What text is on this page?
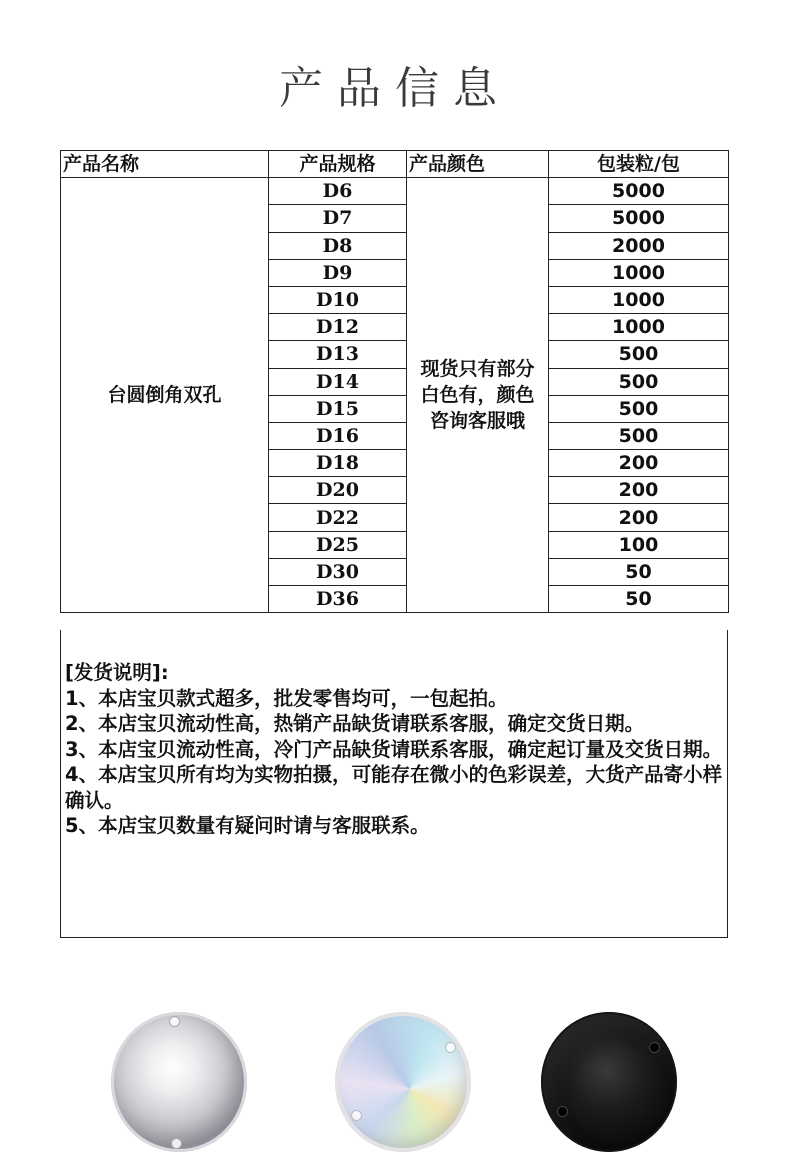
产品信息
产品名称	产品规格	产品颜色	包装粒/包
台圆倒角双孔	D6	现货只有部分白色有，颜色咨询客服哦	5000
	D7		5000
	D8		2000
	D9		1000
	D10		1000
	D12		1000
	D13		500
	D14		500
	D15		500
	D16		500
	D18		200
	D20		200
	D22		200
	D25		100
	D30		50
	D36		50

[发货说明]:

1、本店宝贝款式超多，批发零售均可，一包起拍。

2、本店宝贝流动性高，热销产品缺货请联系客服，确定交货日期。

3、本店宝贝流动性高，冷门产品缺货请联系客服，确定起订量及交货日期。

4、本店宝贝所有均为实物拍摄，可能存在微小的色彩误差，大货产品寄小样确认。

5、本店宝贝数量有疑问时请与客服联系。
